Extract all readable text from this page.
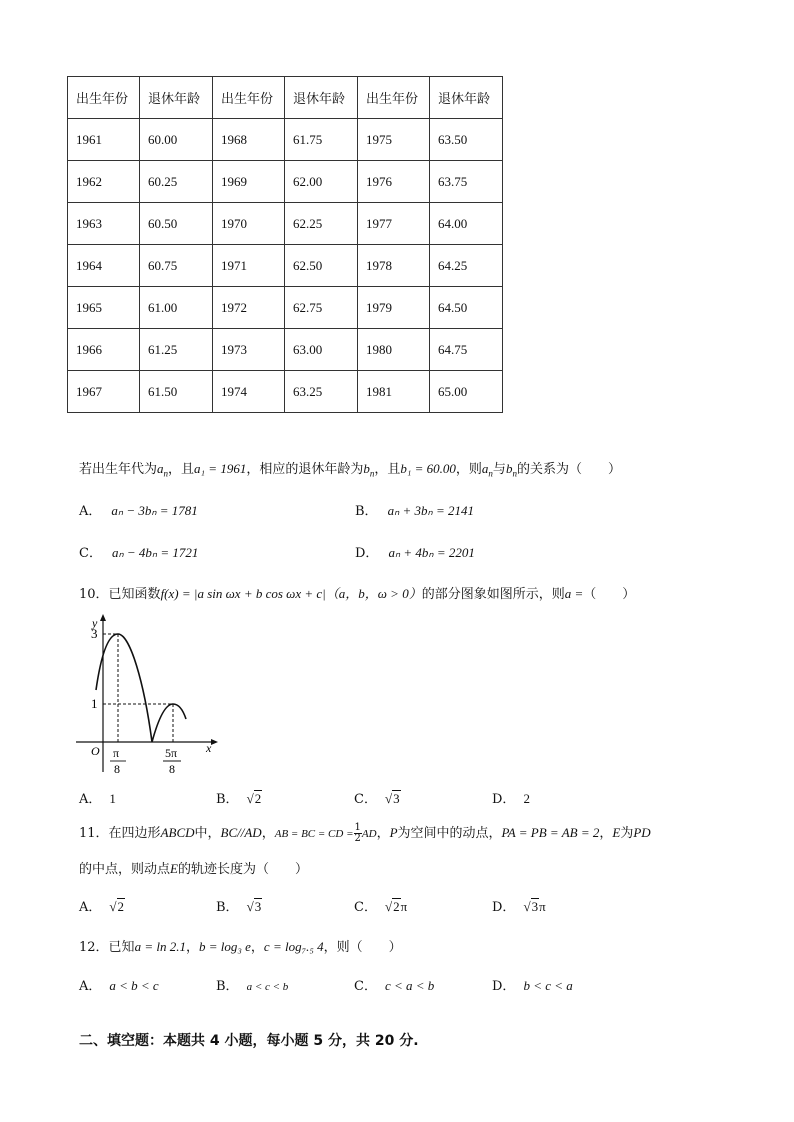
出生年份	退休年龄	出生年份	退休年龄	出生年份	退休年龄
1961	60.00	1968	61.75	1975	63.50
1962	60.25	1969	62.00	1976	63.75
1963	60.50	1970	62.25	1977	64.00
1964	60.75	1971	62.50	1978	64.25
1965	61.00	1972	62.75	1979	64.50
1966	61.25	1973	63.00	1980	64.75
1967	61.50	1974	63.25	1981	65.00
若出生年代为$a_n$，且a₁ = 1961，相应的退休年龄为$b_n$，且b₁ = 60.00，则$a_n$与$b_n$的关系为（　　）
A． aₙ − 3bₙ = 1781	B． aₙ + 3bₙ = 2141
C． aₙ − 4bₙ = 1721	D． aₙ + 4bₙ = 2201
10．已知函数f(x) = |a sin ωx + b cos ωx + c|（a，b，ω > 0）的部分图象如图所示，则a =（　　）
y
3
1
O	x
π
8
5π
8
A． 1	B． √2	C． √3	D． 2
11．在四边形ABCD中，BC//AD，AB = BC = CD = $\frac{1}{2}$ AD，P为空间中的动点，PA = PB = AB = 2，E为PD
的中点，则动点E的轨迹长度为（　　）
A． √2	B． √3	C． √2π	D． √3π
12．已知a = ln 2.1，b = log₃ e，c = log₇.₅ 4，则（　　）
A． a < b < c	B． a < c < b	C． c < a < b	D． b < c < a
二、填空题：本题共 4 小题，每小题 5 分，共 20 分.
